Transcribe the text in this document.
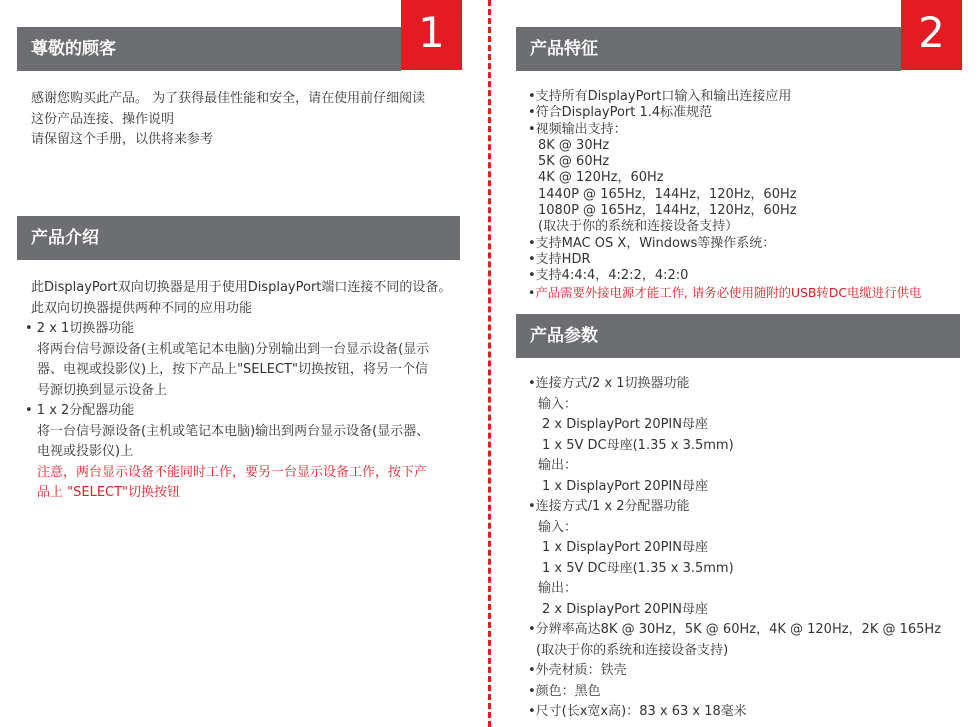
尊敬的顾客	1
感谢您购买此产品。 为了获得最佳性能和安全，请在使用前仔细阅读
这份产品连接、操作说明
请保留这个手册，以供将来参考
产品介绍
此DisplayPort双向切换器是用于使用DisplayPort端口连接不同的设备。
此双向切换器提供两种不同的应用功能
• 2 x 1切换器功能
将两台信号源设备(主机或笔记本电脑)分别输出到一台显示设备(显示
器、电视或投影仪)上，按下产品上"SELECT"切换按钮，将另一个信
号源切换到显示设备上
• 1 x 2分配器功能
将一台信号源设备(主机或笔记本电脑)输出到两台显示设备(显示器、
电视或投影仪)上
注意，两台显示设备不能同时工作，要另一台显示设备工作，按下产
品上 "SELECT"切换按钮
产品特征	2
•支持所有DisplayPort口输入和输出连接应用
•符合DisplayPort 1.4标准规范
•视频输出支持：
8K @ 30Hz
5K @ 60Hz
4K @ 120Hz，60Hz
1440P @ 165Hz，144Hz，120Hz，60Hz
1080P @ 165Hz，144Hz，120Hz，60Hz
(取决于你的系统和连接设备支持）
•支持MAC OS X，Windows等操作系统：
•支持HDR
•支持4:4:4，4:2:2，4:2:0
•产品需要外接电源才能工作, 请务必使用随附的USB转DC电缆进行供电
产品参数
•连接方式/2 x 1切换器功能
输入：
2 x DisplayPort 20PIN母座
1 x 5V DC母座(1.35 x 3.5mm)
输出：
1 x DisplayPort 20PIN母座
•连接方式/1 x 2分配器功能
输入：
1 x DisplayPort 20PIN母座
1 x 5V DC母座(1.35 x 3.5mm)
输出：
2 x DisplayPort 20PIN母座
•分辨率高达8K @ 30Hz，5K @ 60Hz，4K @ 120Hz，2K @ 165Hz
(取决于你的系统和连接设备支持)
•外壳材质：铁壳
•颜色：黑色
•尺寸(长x宽x高)：83 x 63 x 18毫米
